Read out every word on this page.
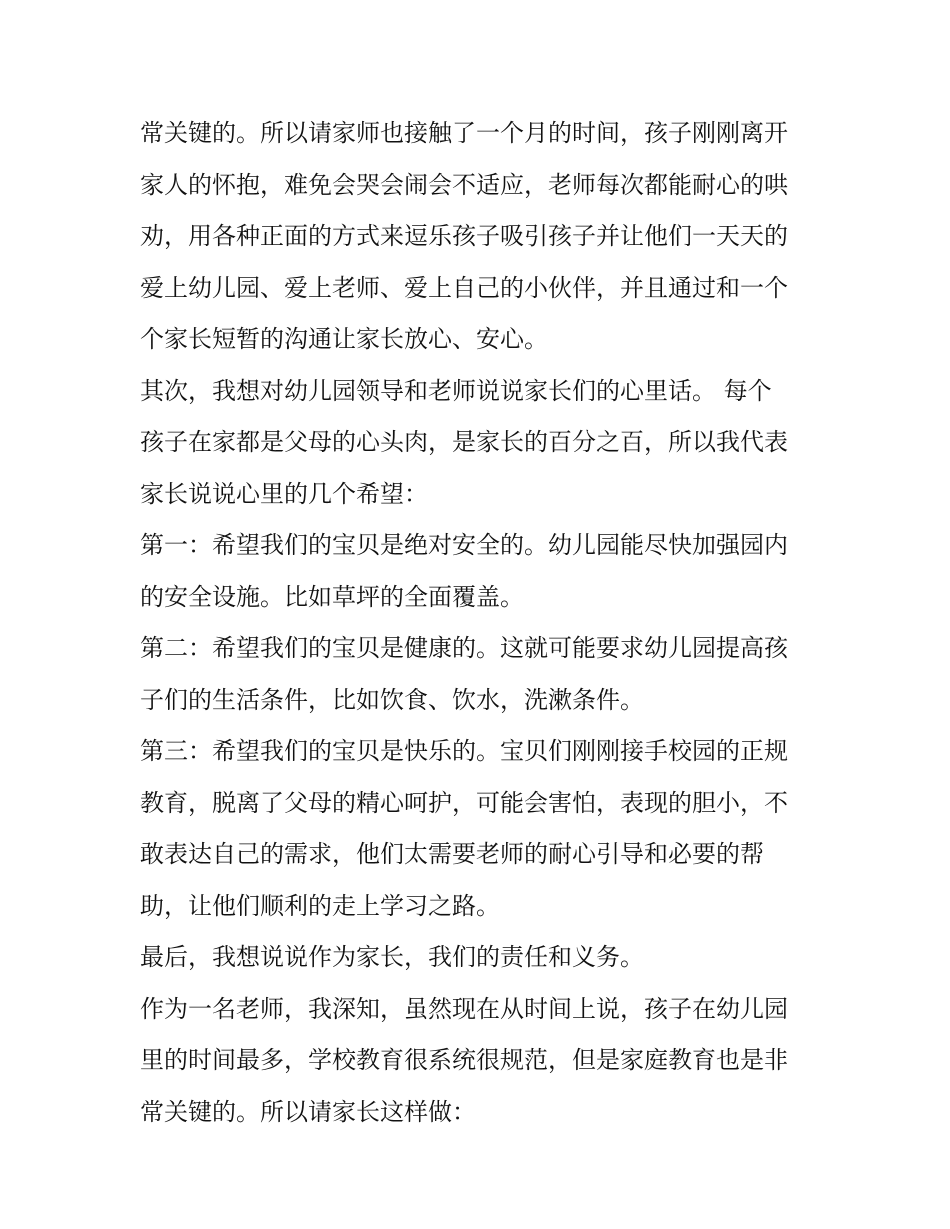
常关键的。所以请家师也接触了一个月的时间，孩子刚刚离开
家人的怀抱，难免会哭会闹会不适应，老师每次都能耐心的哄
劝，用各种正面的方式来逗乐孩子吸引孩子并让他们一天天的
爱上幼儿园、爱上老师、爱上自己的小伙伴，并且通过和一个
个家长短暂的沟通让家长放心、安心。
其次，我想对幼儿园领导和老师说说家长们的心里话。 每个
孩子在家都是父母的心头肉，是家长的百分之百，所以我代表
家长说说心里的几个希望：
第一：希望我们的宝贝是绝对安全的。幼儿园能尽快加强园内
的安全设施。比如草坪的全面覆盖。
第二：希望我们的宝贝是健康的。这就可能要求幼儿园提高孩
子们的生活条件，比如饮食、饮水，洗漱条件。
第三：希望我们的宝贝是快乐的。宝贝们刚刚接手校园的正规
教育，脱离了父母的精心呵护，可能会害怕，表现的胆小，不
敢表达自己的需求，他们太需要老师的耐心引导和必要的帮
助，让他们顺利的走上学习之路。
最后，我想说说作为家长，我们的责任和义务。
作为一名老师，我深知，虽然现在从时间上说，孩子在幼儿园
里的时间最多，学校教育很系统很规范，但是家庭教育也是非
常关键的。所以请家长这样做：
